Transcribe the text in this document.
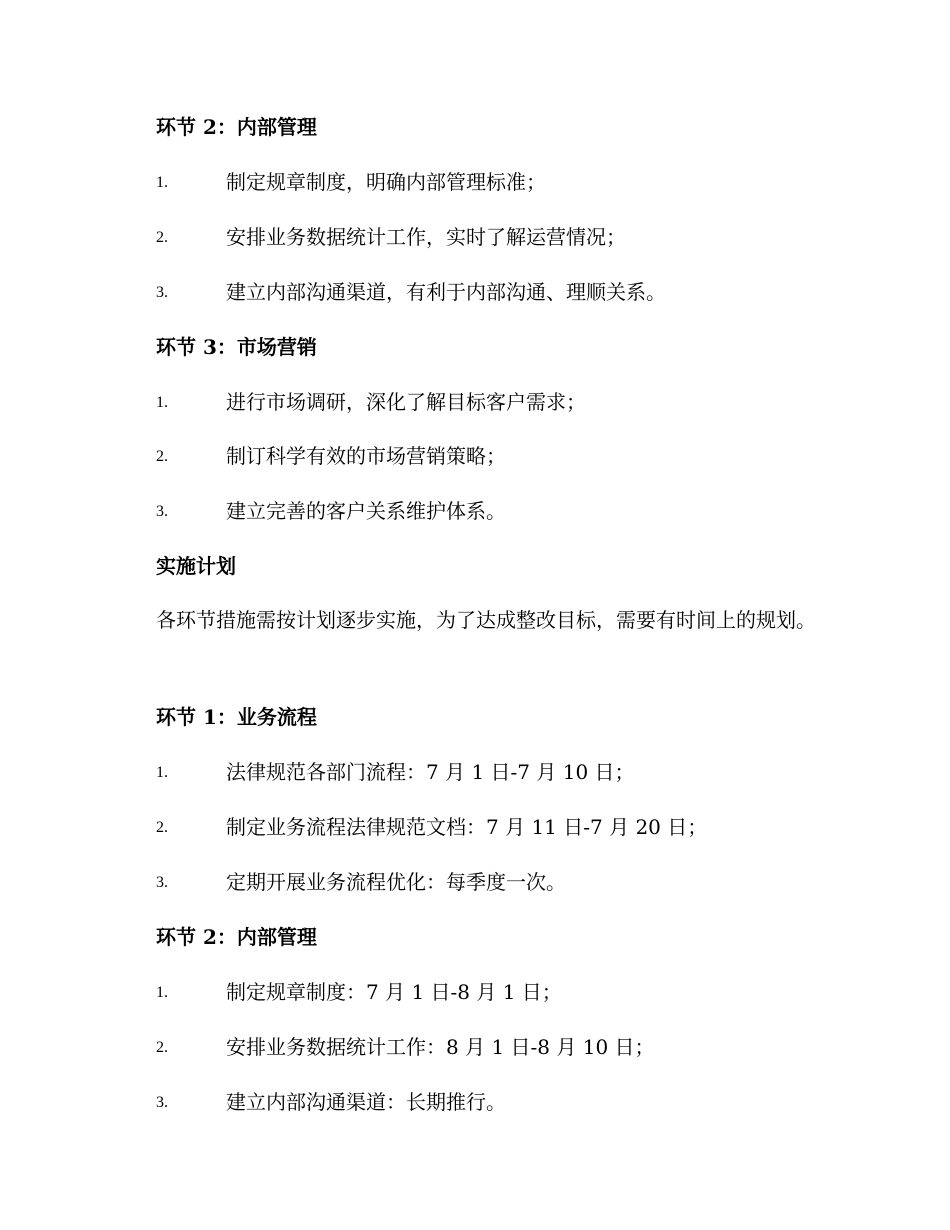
环节 2：内部管理
1.	制定规章制度，明确内部管理标准；
2.	安排业务数据统计工作，实时了解运营情况；
3.	建立内部沟通渠道，有利于内部沟通、理顺关系。
环节 3：市场营销
1.	进行市场调研，深化了解目标客户需求；
2.	制订科学有效的市场营销策略；
3.	建立完善的客户关系维护体系。
实施计划

各环节措施需按计划逐步实施，为了达成整改目标，需要有时间上的规划。

环节 1：业务流程
1.	法律规范各部门流程：7 月 1 日-7 月 10 日；
2.	制定业务流程法律规范文档：7 月 11 日-7 月 20 日；
3.	定期开展业务流程优化：每季度一次。
环节 2：内部管理
1.	制定规章制度：7 月 1 日-8 月 1 日；
2.	安排业务数据统计工作：8 月 1 日-8 月 10 日；
3.	建立内部沟通渠道：长期推行。
